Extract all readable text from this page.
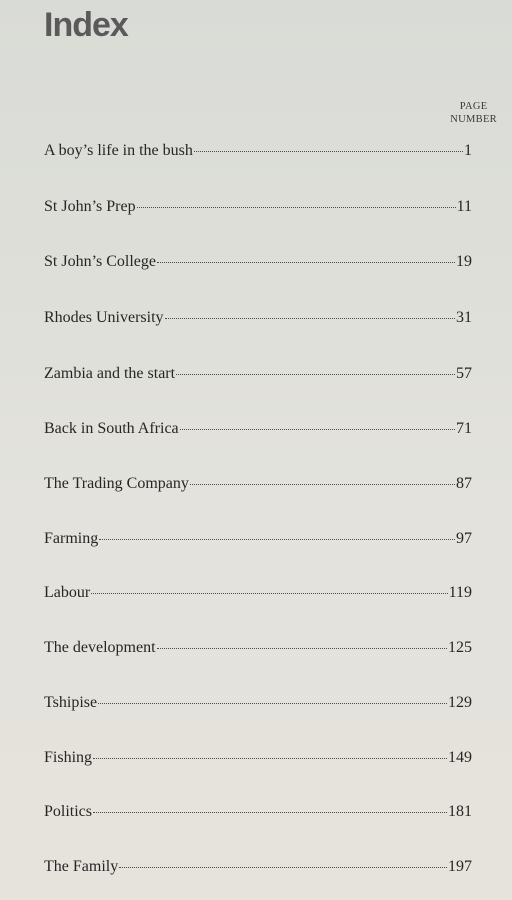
Index
PAGE
NUMBER
A boy’s life in the bush	1
St John’s Prep	11
St John’s College	19
Rhodes University	31
Zambia and the start	57
Back in South Africa	71
The Trading Company	87
Farming	97
Labour	119
The development	125
Tshipise	129
Fishing	149
Politics	181
The Family	197
